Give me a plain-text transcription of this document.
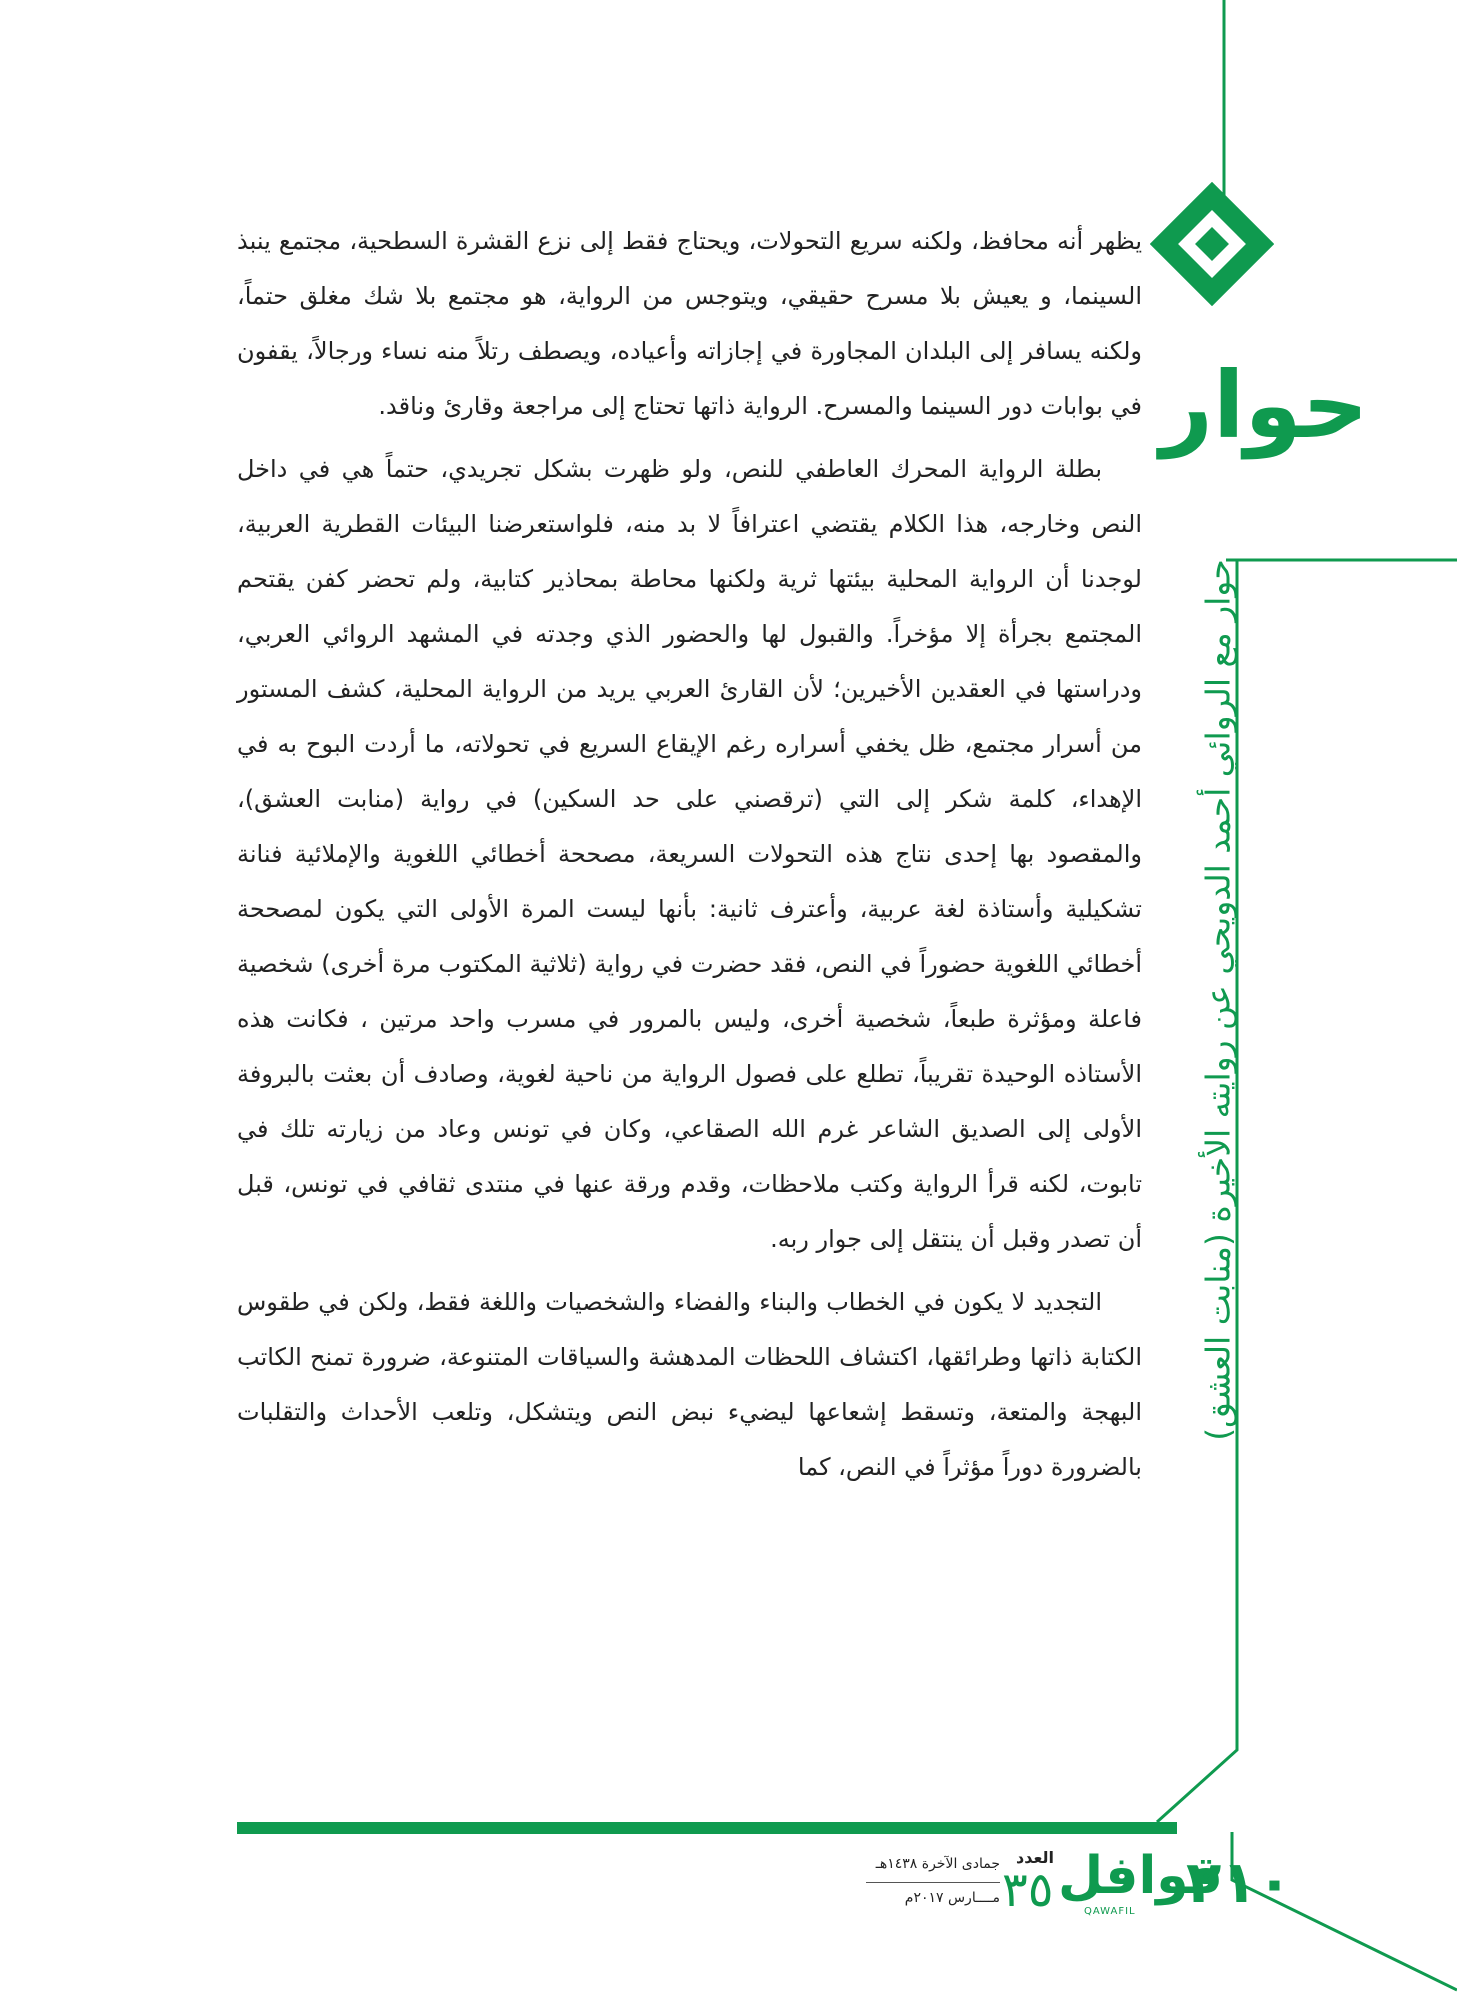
حوار
حوار مع الروائي أحمد الدويحي عن روايته الأخيرة (منابت العشق)

يظهر أنه محافظ، ولكنه سريع التحولات، ويحتاج فقط إلى نزع القشرة السطحية، مجتمع ينبذ السينما، و يعيش بلا مسرح حقيقي، ويتوجس من الرواية، هو مجتمع بلا شك مغلق حتماً، ولكنه يسافر إلى البلدان المجاورة في إجازاته وأعياده، ويصطف رتلاً منه نساء ورجالاً، يقفون في بوابات دور السينما والمسرح. الرواية ذاتها تحتاج إلى مراجعة وقارئ وناقد.

بطلة الرواية المحرك العاطفي للنص، ولو ظهرت بشكل تجريدي، حتماً هي في داخل النص وخارجه، هذا الكلام يقتضي اعترافاً لا بد منه، فلواستعرضنا البيئات القطرية العربية، لوجدنا أن الرواية المحلية بيئتها ثرية ولكنها محاطة بمحاذير كتابية، ولم تحضر كفن يقتحم المجتمع بجرأة إلا مؤخراً. والقبول لها والحضور الذي وجدته في المشهد الروائي العربي، ودراستها في العقدين الأخيرين؛ لأن القارئ العربي يريد من الرواية المحلية، كشف المستور من أسرار مجتمع، ظل يخفي أسراره رغم الإيقاع السريع في تحولاته، ما أردت البوح به في الإهداء، كلمة شكر إلى التي (ترقصني على حد السكين) في رواية (منابت العشق)، والمقصود بها إحدى نتاج هذه التحولات السريعة، مصححة أخطائي اللغوية والإملائية فنانة تشكيلية وأستاذة لغة عربية، وأعترف ثانية: بأنها ليست المرة الأولى التي يكون لمصححة أخطائي اللغوية حضوراً في النص، فقد حضرت في رواية (ثلاثية المكتوب مرة أخرى) شخصية فاعلة ومؤثرة طبعاً، شخصية أخرى، وليس بالمرور في مسرب واحد مرتين ، فكانت هذه الأستاذه الوحيدة تقريباً، تطلع على فصول الرواية من ناحية لغوية، وصادف أن بعثت بالبروفة الأولى إلى الصديق الشاعر غرم الله الصقاعي، وكان في تونس وعاد من زيارته تلك في تابوت، لكنه قرأ الرواية وكتب ملاحظات، وقدم ورقة عنها في منتدى ثقافي في تونس، قبل أن تصدر وقبل أن ينتقل إلى جوار ربه.

التجديد لا يكون في الخطاب والبناء والفضاء والشخصيات واللغة فقط، ولكن في طقوس الكتابة ذاتها وطرائقها، اكتشاف اللحظات المدهشة والسياقات المتنوعة، ضرورة تمنح الكاتب البهجة والمتعة، وتسقط إشعاعها ليضيء نبض النص ويتشكل، وتلعب الأحداث والتقلبات بالضرورة دوراً مؤثراً في النص، كما

٢١٠
قوافل
QAWAFIL
العدد
٣٥
جمادى الآخرة ١٤٣٨هـ
مــــارس ٢٠١٧م
